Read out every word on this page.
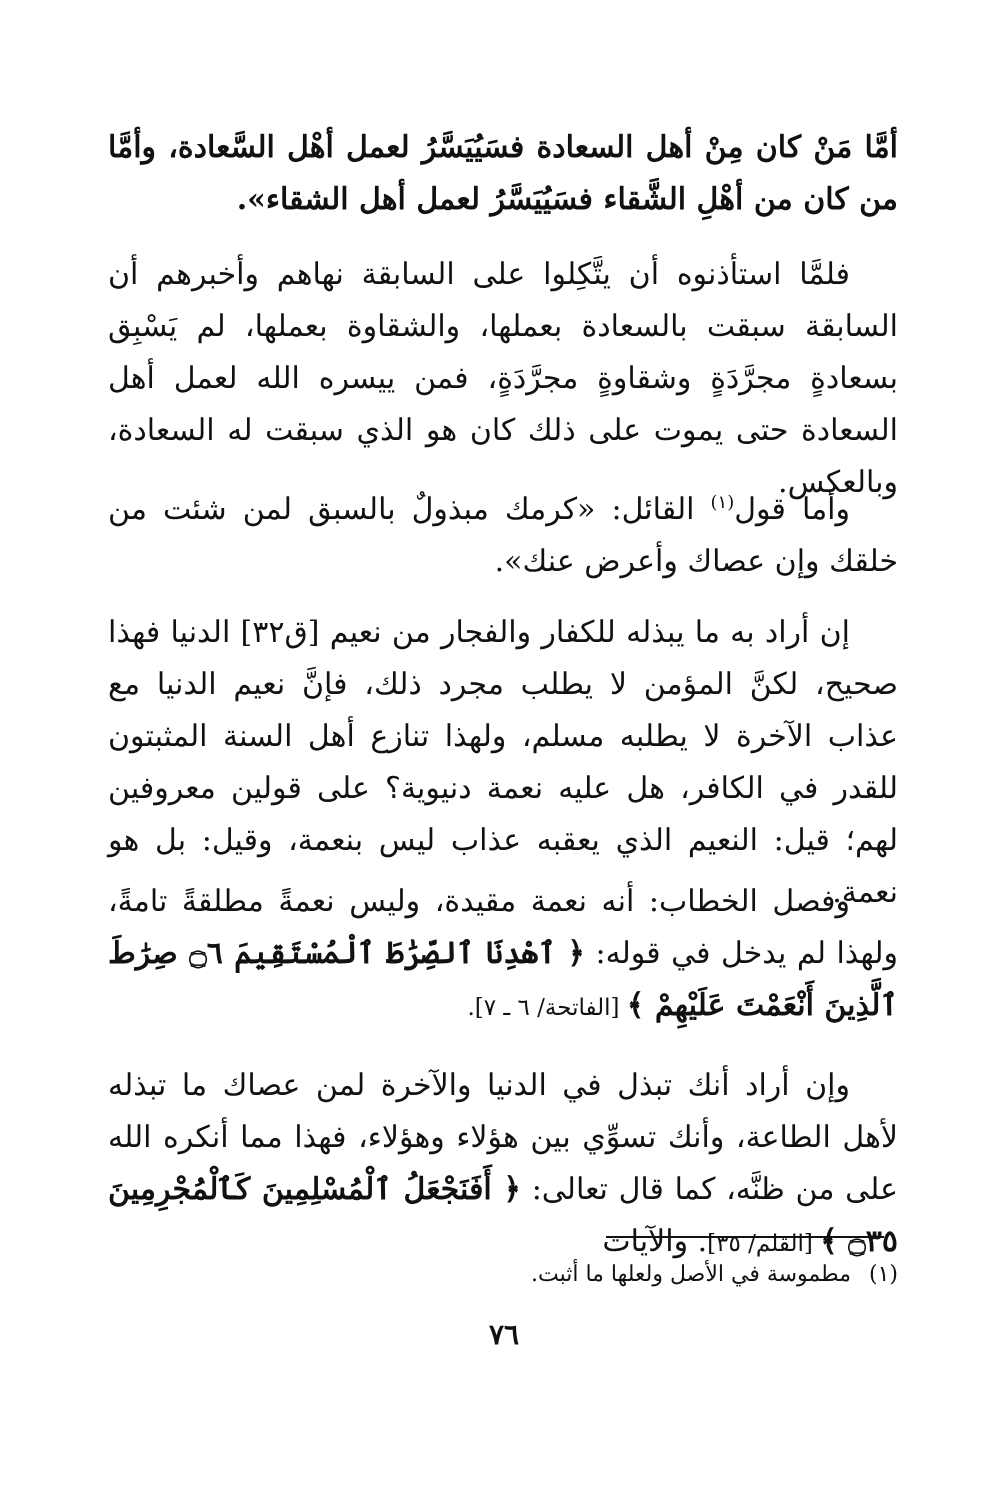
أمَّا مَنْ كان مِنْ أهل السعادة فسَيُيَسَّرُ لعمل أهْل السَّعادة، وأمَّا من كان من أهْلِ الشَّقاء فسَيُيَسَّرُ لعمل أهل الشقاء».

فلمَّا استأذنوه أن يتَّكِلوا على السابقة نهاهم وأخبرهم أن السابقة سبقت بالسعادة بعملها، والشقاوة بعملها، لم يَسْبِق بسعادةٍ مجرَّدَةٍ وشقاوةٍ مجرَّدَةٍ، فمن ييسره الله لعمل أهل السعادة حتى يموت على ذلك كان هو الذي سبقت له السعادة، وبالعكس.

وأما قول$^{(١)}$ القائل: «كرمك مبذولٌ بالسبق لمن شئت من خلقك وإن عصاك وأعرض عنك».

إن أراد به ما يبذله للكفار والفجار من نعيم [ق٣٢] الدنيا فهذا صحيح، لكنَّ المؤمن لا يطلب مجرد ذلك، فإنَّ نعيم الدنيا مع عذاب الآخرة لا يطلبه مسلم، ولهذا تنازع أهل السنة المثبتون للقدر في الكافر، هل عليه نعمة دنيوية؟ على قولين معروفين لهم؛ قيل: النعيم الذي يعقبه عذاب ليس بنعمة، وقيل: بل هو نعمة.

وفصل الخطاب: أنه نعمة مقيدة، وليس نعمةً مطلقةً تامةً، ولهذا لم يدخل في قوله: ﴿ ٱهْدِنَا ٱلصِّرَٰطَ ٱلْمُسْتَقِيمَ ۝٦ صِرَٰطَ ٱلَّذِينَ أَنْعَمْتَ عَلَيْهِمْ ﴾ [الفاتحة/ ٦ ـ ٧].

وإن أراد أنك تبذل في الدنيا والآخرة لمن عصاك ما تبذله لأهل الطاعة، وأنك تسوِّي بين هؤلاء وهؤلاء، فهذا مما أنكره الله على من ظنَّه، كما قال تعالى: ﴿ أَفَنَجْعَلُ ٱلْمُسْلِمِينَ كَٱلْمُجْرِمِينَ ۝٣٥ ﴾ [القلم/ ٣٥]. والآيات

(١)مطموسة في الأصل ولعلها ما أثبت.
٧٦
